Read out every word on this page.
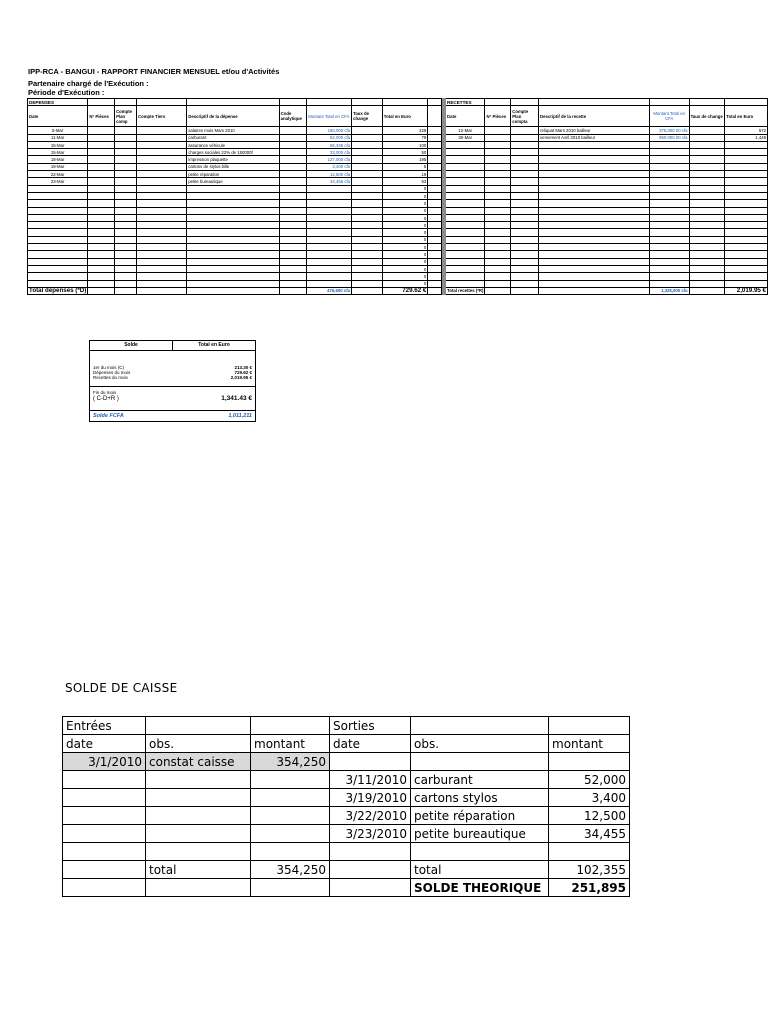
IPP-RCA - BANGUI - RAPPORT FINANCIER MENSUEL et/ou d'Activités
Partenaire chargé de l'Exécution :
Période d'Exécution :
DEPENSES											RECETTES						
Date	N° Pièces	Compte Plan comp	Compte Tiers	Descriptif de la dépense	Code analytique	Montant Total en CFA	Taux de change	Total en Euro			Date	N° Pièces	Compte Plan compta	Descriptif de la recette	Montant Total en CFA	Taux de change	Total en Euro
5-Mar				salaires mois Mars 2010		150,000 cfa		229			12-Mar			reliquat Mars 2010 bailleur	375,000.00 cfa		572
11-Mar				carburant		52,000 cfa		79			30-Mar			versement Avril 2010 bailleur	950,000.00 cfa		1,448
15-Mar				assurance véhicule		65,345 cfa		100									
15-Mar				charges sociales 22% de 150000f		33,000 cfa		50									
18-Mar				impression plaquette		127,000 cfa		195									
19-Mar				cartons de stylos bille		3,400 cfa		5									
22-Mar				petite réparation		12,500 cfa		19									
23-Mar				petite bureautique		34,455 cfa		53									
								0									
								0									
								0									
								0									
								0									
								0									
								0									
								0									
								0									
								0									
								0									
								0									
								0									
								0									
Total dépenses (*D)						476,600 cfa		729.62 €			Total recettes (*R)				1,325,000 cfa		2,019.95 €
Solde	Total en Euro
1er du mois (C)	213.30 €
Dépenses du mois	729.62 €
Recettes du mois	2,019.95 €
Fin du mois
( C-D+R )	1,341.43 €
Solde FCFA	1,011,211
SOLDE DE CAISSE
Entrées			Sorties		
date	obs.	montant	date	obs.	montant
3/1/2010	constat caisse	354,250			
			3/11/2010	carburant	52,000
			3/19/2010	cartons stylos	3,400
			3/22/2010	petite réparation	12,500
			3/23/2010	petite bureautique	34,455

	total	354,250		total	102,355
				SOLDE THEORIQUE	251,895
